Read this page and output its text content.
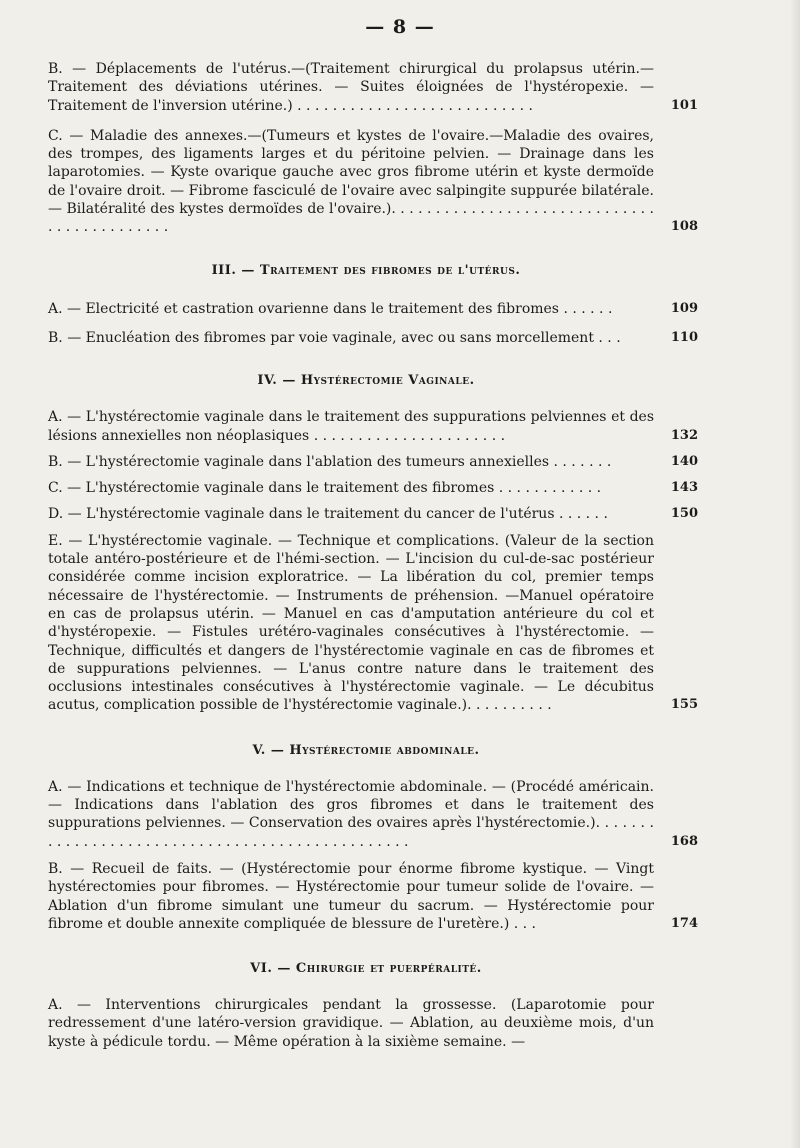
— 8 —
B. — Déplacements de l'utérus.—(Traitement chirurgical du prolapsus utérin.— Traitement des déviations utérines. — Suites éloignées de l'hystéropexie. — Traitement de l'inversion utérine.) . . . . . . . . . . . . . . . . . . . . . . . . . . .	101
C. — Maladie des annexes.—(Tumeurs et kystes de l'ovaire.—Maladie des ovaires, des trompes, des ligaments larges et du péritoine pelvien. — Drainage dans les laparotomies. — Kyste ovarique gauche avec gros fibrome utérin et kyste dermoïde de l'ovaire droit. — Fibrome fasciculé de l'ovaire avec salpingite suppurée bilatérale. — Bilatéralité des kystes dermoïdes de l'ovaire.). . . . . . . . . . . . . . . . . . . . . . . . . . . . . . . . . . . . . . . . . . . .	108
III. — Traitement des fibromes de l'utérus.
A. — Electricité et castration ovarienne dans le traitement des fibromes . . . . . .	109
B. — Enucléation des fibromes par voie vaginale, avec ou sans morcellement . . .	110
IV. — Hystérectomie Vaginale.
A. — L'hystérectomie vaginale dans le traitement des suppurations pelviennes et des lésions annexielles non néoplasiques . . . . . . . . . . . . . . . . . . . . . .	132
B. — L'hystérectomie vaginale dans l'ablation des tumeurs annexielles . . . . . . .	140
C. — L'hystérectomie vaginale dans le traitement des fibromes . . . . . . . . . . . .	143
D. — L'hystérectomie vaginale dans le traitement du cancer de l'utérus . . . . . .	150
E. — L'hystérectomie vaginale. — Technique et complications. (Valeur de la section totale antéro-postérieure et de l'hémi-section. — L'incision du cul-de-sac postérieur considérée comme incision exploratrice. — La libération du col, premier temps nécessaire de l'hystérectomie. — Instruments de préhension. —Manuel opératoire en cas de prolapsus utérin. — Manuel en cas d'amputation antérieure du col et d'hystéropexie. — Fistules urétéro-vaginales consécutives à l'hystérectomie. — Technique, difficultés et dangers de l'hystérectomie vaginale en cas de fibromes et de suppurations pelviennes. — L'anus contre nature dans le traitement des occlusions intestinales consécutives à l'hystérectomie vaginale. — Le décubitus acutus, complication possible de l'hystérectomie vaginale.). . . . . . . . . .	155
V. — Hystérectomie abdominale.
A. — Indications et technique de l'hystérectomie abdominale. — (Procédé américain. — Indications dans l'ablation des gros fibromes et dans le traitement des suppurations pelviennes. — Conservation des ovaires après l'hystérectomie.). . . . . . . . . . . . . . . . . . . . . . . . . . . . . . . . . . . . . . . . . . . . . . . .	168
B. — Recueil de faits. — (Hystérectomie pour énorme fibrome kystique. — Vingt hystérectomies pour fibromes. — Hystérectomie pour tumeur solide de l'ovaire. — Ablation d'un fibrome simulant une tumeur du sacrum. — Hystérectomie pour fibrome et double annexite compliquée de blessure de l'uretère.) . . .	174
VI. — Chirurgie et puerpéralité.
A. — Interventions chirurgicales pendant la grossesse. (Laparotomie pour redressement d'une latéro-version gravidique. — Ablation, au deuxième mois, d'un kyste à pédicule tordu. — Même opération à la sixième semaine. —
